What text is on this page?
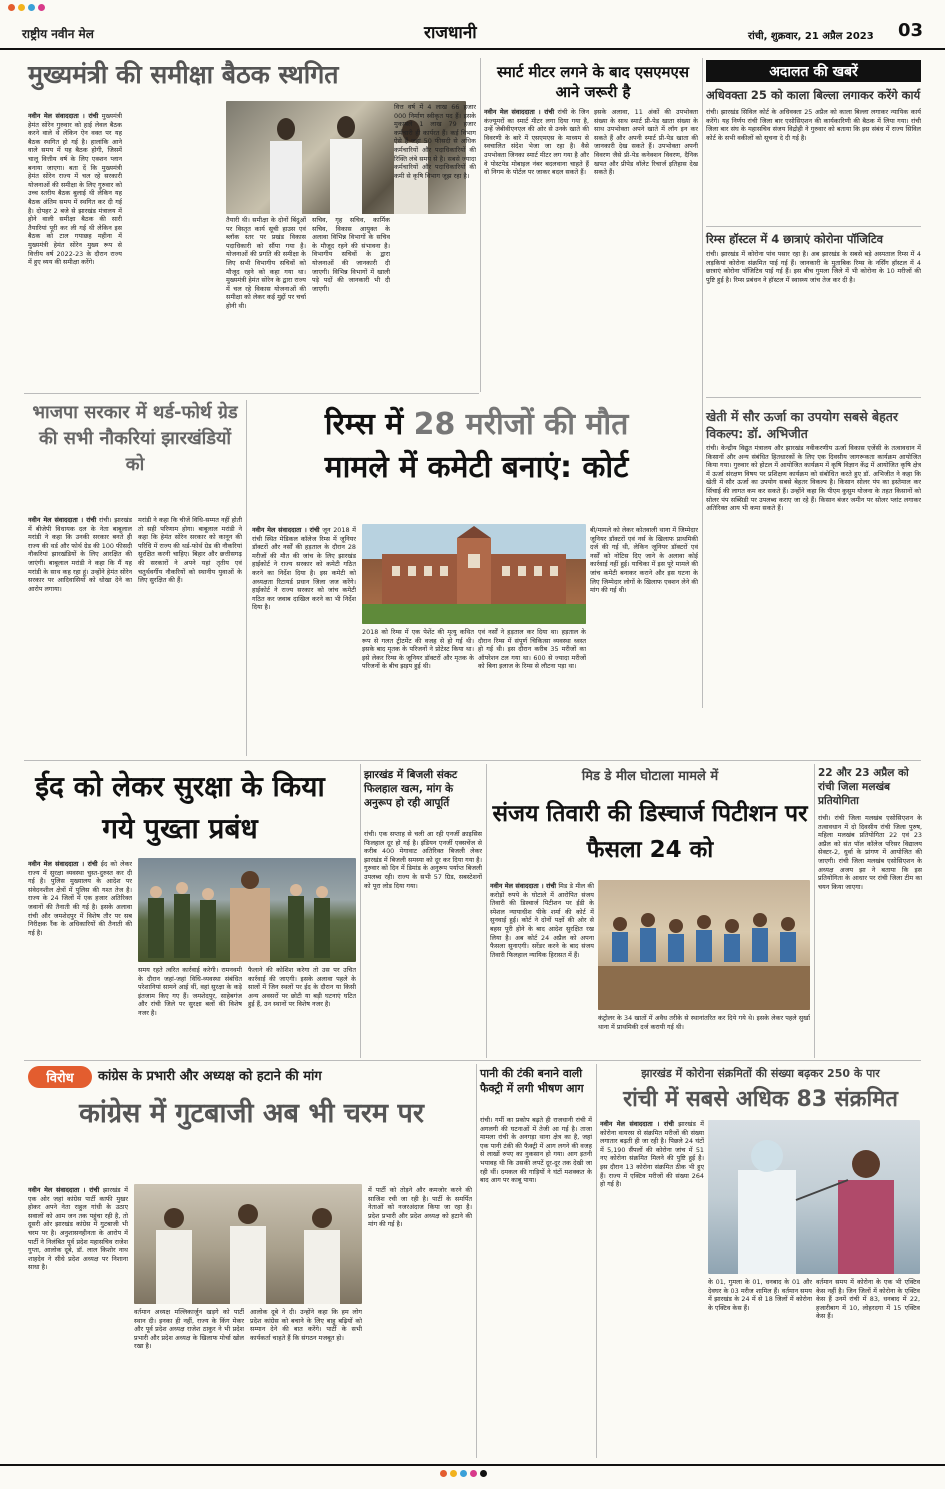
राष्ट्रीय नवीन मेल	राजधानी	रांची, शुक्रवार, 21 अप्रैल 2023 03
मुख्यमंत्री की समीक्षा बैठक स्थगित
नवीन मेल संवाददाता । रांची मुख्यमंत्री हेमंत सोरेन गुरुवार को हाई लेवल बैठक करने वाले थे लेकिन ऐन वक्त पर यह बैठक स्थगित हो गई है। हालांकि आने वाले समय में यह बैठक होगी, जिसमें चालू वित्तीय वर्ष के लिए एक्शन प्लान बनाया जाएगा। बता दें कि मुख्यमंत्री हेमंत सोरेन राज्य में चल रहे सरकारी योजनाओं की समीक्षा के लिए गुरुवार को उच्च स्तरीय बैठक बुलाई थी लेकिन यह बैठक अंतिम समय में स्थगित कर दी गई है। दोपहर 2 बजे से झारखंड मंत्रालय में होने वाली समीक्षा बैठक की सारी तैयारियां पूरी कर ली गई थी लेकिन इस बैठक को टाल गयाछह महीना में मुख्यमंत्री हेमंत सोरेन मुख्य रूप से वित्तीय वर्ष 2022-23 के दौरान राज्य में हुए व्यय की समीक्षा करेंगे।
तैयारी थी। समीक्षा के दोनों बिंदुओं पर विस्तृत कार्य सूची हाउस एवं ब्लॉक स्तर पर प्रखंड विकास पदाधिकारी को सौंपा गया है। योजनाओं की प्रगति की समीक्षा के लिए सभी विभागीय सचिवों को मौजूद रहने को कहा गया था। मुख्यमंत्री हेमंत सोरेन के द्वारा राज्य में चल रहे विकास योजनाओं की समीक्षा को लेकर कई मुद्दों पर चर्चा होनी थी।
सचिव, गृह सचिव, कार्मिक सचिव, विकास आयुक्त के अलावा विभिन्न विभागों के सचिव के मौजूद रहने की संभावना है। विभागीय सचिवों के द्वारा योजनाओं की जानकारी दी जाएगी। विभिन्न विभागों में खाली पड़े पदों की जानकारी भी दी जाएगी।
वित्त वर्ष में 4 लाख 66 हजार 000 निर्माण स्वीकृत पद हैं। इसके मुकाबले 1 लाख 79 हजार कर्मचारी ही कार्यरत हैं। कई विभाग ऐसे हैं जहां 50 फीसदी से अधिक कर्मचारियों और पदाधिकारियों की रिक्ति लंबे समय से है। सबसे ज्यादा कर्मचारियों और पदाधिकारियों की कमी से कृषि विभाग जूझ रहा है।
स्मार्ट मीटर लगने के बाद एसएमएस आने जरूरी है
नवीन मेल संवाददाता । रांची रांची के जिन कंज्यूमरों का स्मार्ट मीटर लगा दिया गया है, उन्हें जेबीवीएनएल की ओर से उनके खाते की विवरणी के बारे में एसएमएस के माध्यम से स्वचालित संदेश भेजा जा रहा है। वैसे उपभोक्ता जिनका स्मार्ट मीटर लग गया है और वे पोस्टपेड मोबाइल नंबर बदलवाना चाहते हैं वो निगम के पोर्टल पर जाकर बदल सकते हैं।
इसके अलावा, 11 अंकों की उपभोक्ता संख्या के साथ स्मार्ट प्री-पेड खाता संख्या के साथ उपभोक्ता अपने खाते में लॉग इन कर सकते हैं और अपनी स्मार्ट प्री-पेड खाता की जानकारी देख सकते हैं। उपभोक्ता अपनी विवरण जैसे प्री-पेड कनेक्शन विवरण, दैनिक खपत और प्रीपेड वॉलेट रिचार्ज इतिहास देख सकते हैं।
अदालत की खबरें
अधिवक्ता 25 को काला बिल्ला लगाकर करेंगे कार्य
रांची। झारखंड सिविल कोर्ट के अधिवक्ता 25 अप्रैल को काला बिल्ला लगाकर न्यायिक कार्य करेंगे। यह निर्णय रांची जिला बार एसोसिएशन की कार्यकारिणी की बैठक में लिया गया। रांची जिला बार संघ के महासचिव संजय विद्रोही ने गुरुवार को बताया कि इस संबंध में राज्य सिविल कोर्ट के सभी वकीलों को सूचना दे दी गई है।
रिम्स हॉस्टल में 4 छात्राएं कोरोना पॉजिटिव
रांची। झारखंड में कोरोना पांव पसार रहा है। अब झारखंड के सबसे बड़े अस्पताल रिम्स में 4 लड़कियां कोरोना संक्रमित पाई गई हैं। जानकारी के मुताबिक रिम्स के नर्सिंग हॉस्टल में 4 छात्राएं कोरोना पॉजिटिव पाई गई हैं। इस बीच गुमला जिले में भी कोरोना के 10 मरीजों की पुष्टि हुई है। रिम्स प्रबंधन ने हॉस्टल में स्वास्थ्य जांच तेज कर दी है।
खेती में सौर ऊर्जा का उपयोग सबसे बेहतर विकल्प: डॉ. अभिजीत
रांची। केन्द्रीय विद्युत मंत्रालय और झारखंड नवीकरणीय ऊर्जा विकास एजेंसी के तत्वावधान में किसानों और अन्य संबंधित हितधारकों के लिए एक दिवसीय जागरूकता कार्यक्रम आयोजित किया गया। गुरुवार को होटल में आयोजित कार्यक्रम में कृषि विज्ञान केंद्र में आयोजित कृषि क्षेत्र में ऊर्जा संरक्षण विषय पर प्रशिक्षण कार्यक्रम को संबोधित करते हुए डॉ. अभिजीत ने कहा कि खेती में सौर ऊर्जा का उपयोग सबसे बेहतर विकल्प है। किसान सोलर पंप का इस्तेमाल कर सिंचाई की लागत कम कर सकते हैं। उन्होंने कहा कि पीएम कुसुम योजना के तहत किसानों को सोलर पंप सब्सिडी पर उपलब्ध कराए जा रहे हैं। किसान बंजर जमीन पर सोलर प्लांट लगाकर अतिरिक्त आय भी कमा सकते हैं।
भाजपा सरकार में थर्ड-फोर्थ ग्रेड की सभी नौकरियां झारखंडियों को
नवीन मेल संवाददाता । रांची रांची। झारखंड में बीजेपी विधायक दल के नेता बाबूलाल मरांडी ने कहा कि उनकी सरकार बनते ही राज्य की थर्ड और फोर्थ ग्रेड की 100 फीसदी नौकरियां झारखंडियों के लिए आरक्षित की जाएंगी। बाबूलाल मरांडी ने कहा कि मैं यह मरांडी के साथ कह रहा हूं। उन्होंने हेमंत सोरेन सरकार पर आदिवासियों को धोखा देने का आरोप लगाया।
मरांडी ने कहा कि चीजें विधि-सम्मत नहीं होती तो सही परिणाम होगा। बाबूलाल मरांडी ने कहा कि हेमंत सोरेन सरकार को कानून की परिधि में राज्य की थर्ड-फोर्थ ग्रेड की नौकरियां सुरक्षित करनी चाहिए। बिहार और छत्तीसगढ़ की सरकारों ने अपने यहां तृतीय एवं चतुर्थवर्गीय नौकरियों को स्थानीय युवाओं के लिए सुरक्षित की हैं।
रिम्स में 28 मरीजों की मौत
मामले में कमेटी बनाएं: कोर्ट
नवीन मेल संवाददाता । रांची जून 2018 में रांची स्थित मेडिकल कॉलेज रिम्स में जूनियर डॉक्टरों और नर्सों की हड़ताल के दौरान 28 मरीजों की मौत की जांच के लिए झारखंड हाईकोर्ट ने राज्य सरकार को कमेटी गठित करने का निर्देश दिया है। इस कमेटी को अध्यक्षता रिटायर्ड प्रधान जिला जज करेंगे। हाईकोर्ट ने राज्य सरकार को जांच कमेटी गठित कर जवाब दाखिल करने का भी निर्देश दिया है।
2018 को रिम्स में एक पेशेंट की मृत्यु कथित रूप से गलत ट्रीटमेंट की वजह से हो गई थी। इसके बाद मृतक के परिजनों ने प्रोटेस्ट किया था। इसे लेकर रिम्स के जूनियर डॉक्टरों और मृतक के परिजनों के बीच झड़प हुई थी।
एवं नर्सों ने हड़ताल कर दिया था। हड़ताल के दौरान रिम्स में संपूर्ण चिकित्सा व्यवस्था ध्वस्त हो गई थी। इस दौरान करीब 35 मरीजों का ऑपरेशन टल गया था। 600 से ज्यादा मरीजों को बिना इलाज के रिम्स से लौटना पड़ा था।
बी/मामले को लेकर कोतवाली थाना में जिम्मेदार जूनियर डॉक्टरों एवं नर्स के खिलाफ प्राथमिकी दर्ज की गई थी, लेकिन जूनियर डॉक्टरों एवं नर्सों को नोटिस दिए जाने के अलावा कोई कार्रवाई नहीं हुई। याचिका में इस पूरे मामले की जांच कमेटी बनाकर कराने और इस घटना के लिए जिम्मेदार लोगों के खिलाफ एक्शन लेने की मांग की गई थी।
ईद को लेकर सुरक्षा के किया गये पुख्ता प्रबंध
नवीन मेल संवाददाता । रांची ईद को लेकर राज्य में सुरक्षा व्यवस्था चुस्त-दुरुस्त कर दी गई है। पुलिस मुख्यालय के आदेश पर संवेदनशील क्षेत्रों में पुलिस की गश्त तेज है। राज्य के 24 जिलों में एक हजार अतिरिक्त जवानों की तैनाती की गई है। इसके अलावा रांची और जमशेदपुर में विशेष तौर पर सब निरीक्षक रैंक के अधिकारियों की तैनाती की गई है।
समय रहते त्वरित कार्रवाई करेगी। रामनवमी के दौरान जहां-जहां विधि-व्यवस्था संबंधित परेशानियां सामने आई थीं, वहां सुरक्षा के कड़े इंतजाम किए गए हैं। जमशेदपुर, साहेबगंज और रांची जिले पर सुरक्षा बलों की विशेष नजर है।
फैलाने की कोशिश करेगा तो उस पर उचित कार्रवाई की जाएगी। इसके अलावा पहले के सालों में जिन स्थलों पर ईद के दौरान या किसी अन्य अवसरों पर छोटी या बड़ी घटनाएं घटित हुई हैं, उन स्थानों पर विशेष नजर है।
झारखंड में बिजली संकट फिलहाल खत्म, मांग के अनुरूप हो रही आपूर्ति
रांची। एक सप्ताह से चली आ रही एनर्जी क्राइसिस फिलहाल दूर हो गई है। इंडियन एनर्जी एक्सचेंज से करीब 400 मेगावाट अतिरिक्त बिजली लेकर झारखंड में बिजली समस्या को दूर कर दिया गया है। गुरुवार को दिन में डिमांड के अनुरूप पर्याप्त बिजली उपलब्ध रही। राज्य के सभी 57 ग्रिड, सबस्टेशनों को पूरा लोड दिया गया।
मिड डे मील घोटाला मामले में
संजय तिवारी की डिस्चार्ज पिटीशन पर फैसला 24 को
नवीन मेल संवाददाता । रांची मिड डे मील की करोड़ों रुपये के घोटाले में आरोपित संजय तिवारी की डिस्चार्ज पिटीशन पर ईडी के स्पेशल न्यायाधीश पीके शर्मा की कोर्ट में सुनवाई हुई। कोर्ट ने दोनों पक्षों की ओर से बहस पूरी होने के बाद आदेश सुरक्षित रख लिया है। अब कोर्ट 24 अप्रैल को अपना फैसला सुनाएगी। सरेंडर करने के बाद संजय तिवारी फिलहाल न्यायिक हिरासत में हैं।
कंट्रोलर के 34 खातों में अवैध तरीके से स्थानांतरित कर दिये गये थे। इसके लेकर पहले सुर्खा थाना में प्राथमिकी दर्ज करायी गई थी।
22 और 23 अप्रैल को रांची जिला मलखंब प्रतियोगिता
रांची। रांची जिला मलखंब एसोसिएशन के तत्वावधान में दो दिवसीय रांची जिला पुरुष, महिला मलखंब प्रतियोगिता 22 एवं 23 अप्रैल को संत पॉल कॉलेज परिसर विद्यालय सेक्टर-2, धुर्वा के प्रांगण में आयोजित की जाएगी। रांची जिला मलखंब एसोसिएशन के अध्यक्ष अजय झा ने बताया कि इस प्रतियोगिता के आधार पर रांची जिला टीम का चयन किया जाएगा।
विरोध	कांग्रेस के प्रभारी और अध्यक्ष को हटाने की मांग
कांग्रेस में गुटबाजी अब भी चरम पर
नवीन मेल संवाददाता । रांची झारखंड में एक ओर जहां कांग्रेस पार्टी काफी मुखर होकर अपने नेता राहुल गांधी के उठाए सवालों को आम जन तक पहुंचा रही है, तो दूसरी ओर झारखंड कांग्रेस में गुटबाजी भी चरम पर है। अनुशासनहीनता के आरोप में पार्टी ने निलंबित पूर्व प्रदेश महासचिव राजेश गुप्ता, आलोक दूबे, डॉ. लाल किशोर नाथ शाहदेव ने सीधे प्रदेश अध्यक्ष पर निशाना साधा है।
वर्तमान अध्यक्ष मल्लिकार्जुन खड़गे को पार्टी स्थान दी। इनका ही नहीं, राज्य के किंग मेकर और पूर्व प्रदेश अध्यक्ष राजेश ठाकुर ने भी प्रदेश प्रभारी और प्रदेश अध्यक्ष के खिलाफ मोर्चा खोल रखा है।
आलोक दूबे ने दी। उन्होंने कहा कि हम लोग प्रदेश कांग्रेस को बचाने के लिए बाहु बढ़ियों को सम्मान देने की बात करेंगे। पार्टी के सभी कार्यकर्ता चाहते हैं कि संगठन मजबूत हो।
में पार्टी को तोड़ने और कमजोर करने की साजिश रची जा रही है। पार्टी के समर्पित नेताओं को नजरअंदाज किया जा रहा है। प्रदेश प्रभारी और प्रदेश अध्यक्ष को हटाने की मांग की गई है।
पानी की टंकी बनाने वाली फैक्ट्री में लगी भीषण आग
रांची। गर्मी का प्रकोप बढ़ते ही राजधानी रांची में अगलगी की घटनाओं में तेजी आ गई है। ताजा मामला रांची के अनगड़ा थाना क्षेत्र का है, जहां एक पानी टंकी की फैक्ट्री में आग लगने की वजह से लाखों रुपए का नुकसान हो गया। आग इतनी भयावह थी कि उसकी लपटें दूर-दूर तक देखी जा रही थीं। दमकल की गाड़ियों ने घंटों मशक्कत के बाद आग पर काबू पाया।
झारखंड में कोरोना संक्रमितों की संख्या बढ़कर 250 के पार
रांची में सबसे अधिक 83 संक्रमित
नवीन मेल संवाददाता । रांची झारखंड में कोरोना वायरस से संक्रमित मरीजों की संख्या लगातार बढ़ती ही जा रही है। पिछले 24 घंटों में 5,190 सैंपलों की कोरोना जांच में 51 नए कोरोना संक्रमित मिलने की पुष्टि हुई है। इस दौरान 13 कोरोना संक्रमित ठीक भी हुए हैं। राज्य में एक्टिव मरीजों की संख्या 264 हो गई है।
के 01, गुमला के 01, धनबाद के 01 और देवघर के 03 मरीज शामिल हैं। वर्तमान समय में झारखंड के 24 में से 18 जिलों में कोरोना के एक्टिव केस हैं।
वर्तमान समय में कोरोना के एक भी एक्टिव केस नहीं है। जिन जिलों में कोरोना के एक्टिव केस हैं उनमें रांची में 83, धनबाद में 22, हजारीबाग में 10, लोहरदगा में 15 एक्टिव केस हैं।
